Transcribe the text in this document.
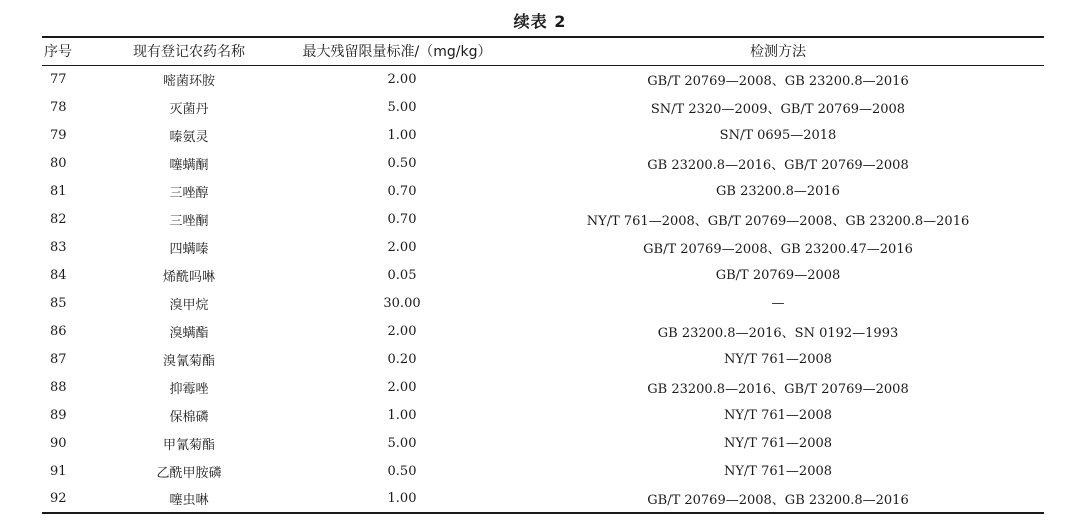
续表 2
序号	现有登记农药名称	最大残留限量标准/（mg/kg）	检测方法
77	嘧菌环胺	2.00	GB/T 20769—2008、GB 23200.8—2016
78	灭菌丹	5.00	SN/T 2320—2009、GB/T 20769—2008
79	嗪氨灵	1.00	SN/T 0695—2018
80	噻螨酮	0.50	GB 23200.8—2016、GB/T 20769—2008
81	三唑醇	0.70	GB 23200.8—2016
82	三唑酮	0.70	NY/T 761—2008、GB/T 20769—2008、GB 23200.8—2016
83	四螨嗪	2.00	GB/T 20769—2008、GB 23200.47—2016
84	烯酰吗啉	0.05	GB/T 20769—2008
85	溴甲烷	30.00	—
86	溴螨酯	2.00	GB 23200.8—2016、SN 0192—1993
87	溴氰菊酯	0.20	NY/T 761—2008
88	抑霉唑	2.00	GB 23200.8—2016、GB/T 20769—2008
89	保棉磷	1.00	NY/T 761—2008
90	甲氰菊酯	5.00	NY/T 761—2008
91	乙酰甲胺磷	0.50	NY/T 761—2008
92	噻虫啉	1.00	GB/T 20769—2008、GB 23200.8—2016
